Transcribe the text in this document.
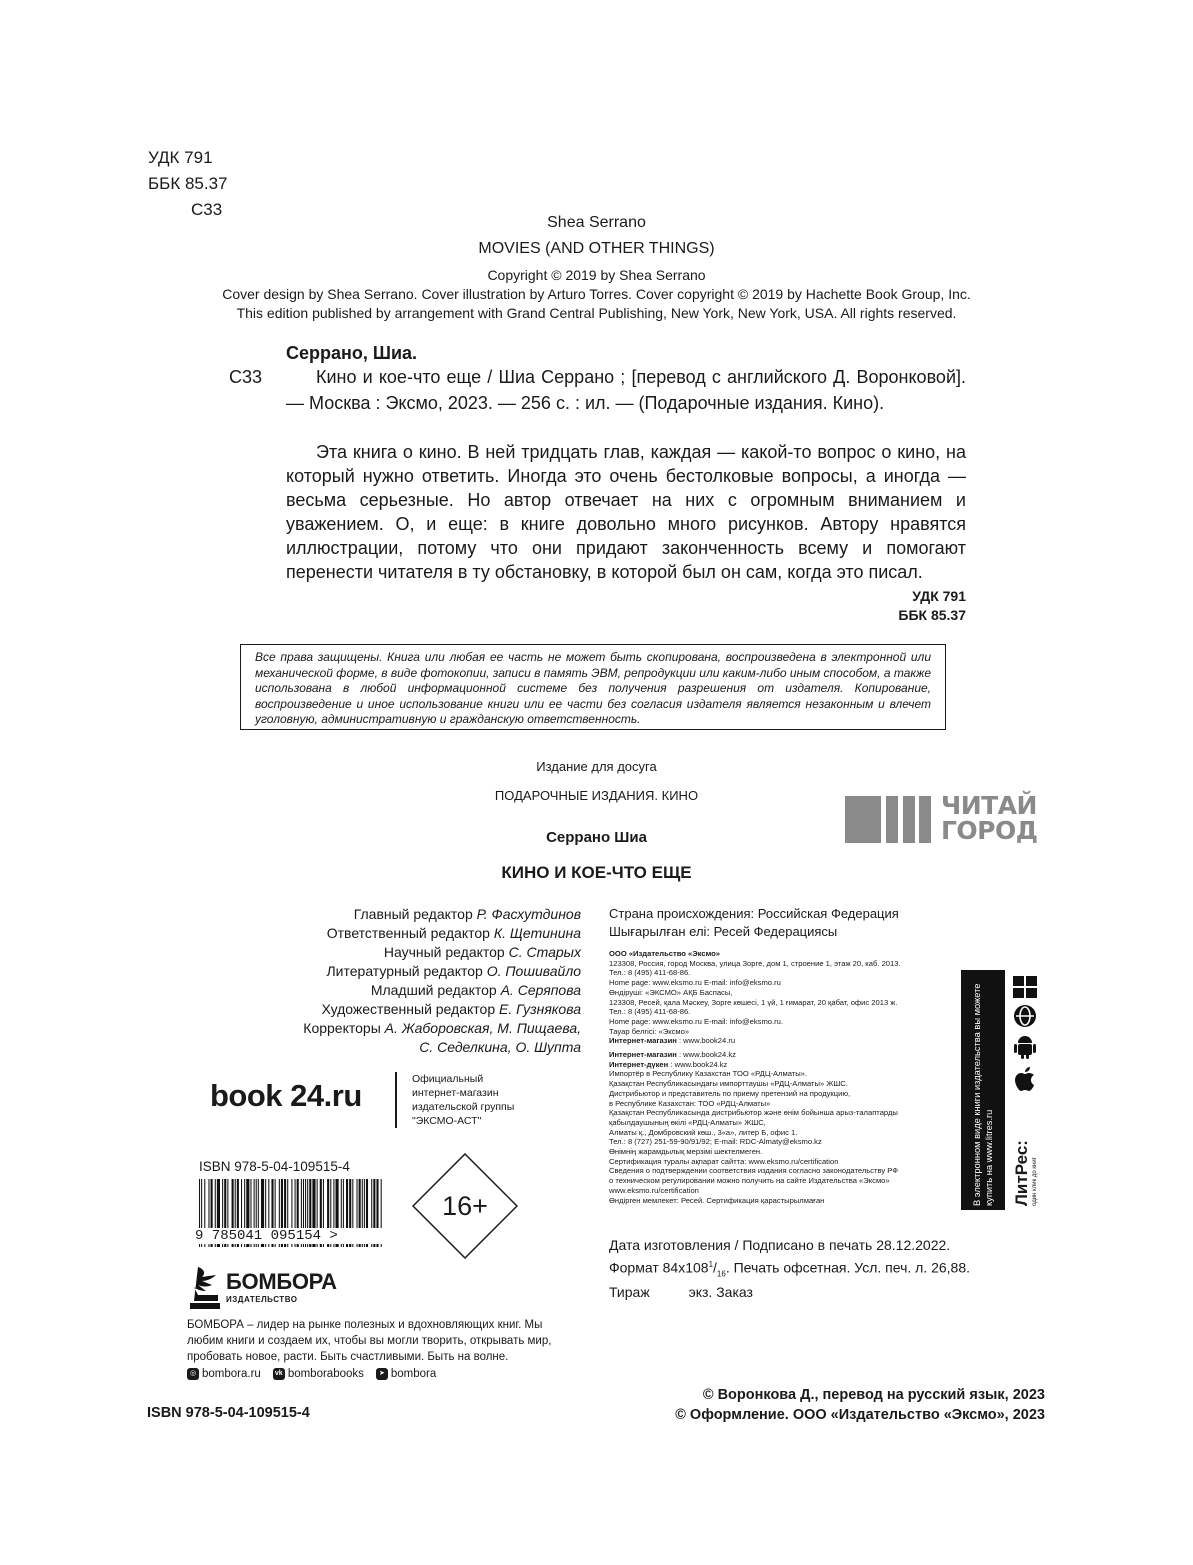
УДК 791
ББК 85.37
С33
Shea Serrano
MOVIES (AND OTHER THINGS)
Copyright © 2019 by Shea Serrano
Cover design by Shea Serrano. Cover illustration by Arturo Torres. Cover copyright © 2019 by Hachette Book Group, Inc.
This edition published by arrangement with Grand Central Publishing, New York, New York, USA. All rights reserved.
Серрано, Шиа.
С33	Кино и кое-что еще / Шиа Серрано ; [перевод с английского Д. Воронковой]. — Москва : Эксмо, 2023. — 256 с. : ил. — (Подарочные издания. Кино).

Эта книга о кино. В ней тридцать глав, каждая — какой-то вопрос о кино, на который нужно ответить. Иногда это очень бестолковые вопросы, а иногда — весьма серьезные. Но автор отвечает на них с огромным вниманием и уважением. О, и еще: в книге довольно много рисунков. Автору нравятся иллюстрации, потому что они придают законченность всему и помогают перенести читателя в ту обстановку, в которой был он сам, когда это писал.

УДК 791
ББК 85.37
Все права защищены. Книга или любая ее часть не может быть скопирована, воспроизведена в электронной или механической форме, в виде фотокопии, записи в память ЭВМ, репродукции или каким-либо иным способом, а также использована в любой информационной системе без получения разрешения от издателя. Копирование, воспроизведение и иное использование книги или ее части без согласия издателя является незаконным и влечет уголовную, административную и гражданскую ответственность.
Издание для досуга
ПОДАРОЧНЫЕ ИЗДАНИЯ. КИНО
Серрано Шиа
КИНО И КОЕ-ЧТО ЕЩЕ
ЧИТАЙ
ГОРОД
Главный редактор Р. Фасхутдинов
Ответственный редактор К. Щетинина
Научный редактор С. Старых
Литературный редактор О. Пошивайло
Младший редактор А. Серяпова
Художественный редактор Е. Гузнякова
Корректоры А. Жаборовская, М. Пищаева,
С. Седелкина, О. Шупта
Страна происхождения: Российская Федерация
Шығарылған елі: Ресей Федерациясы
ООО «Издательство «Эксмо»
123308, Россия, город Москва, улица Зорге, дом 1, строение 1, этаж 20, каб. 2013.
Тел.: 8 (495) 411-68-86.
Home page: www.eksmo.ru E-mail: info@eksmo.ru
Өндіруші: «ЭКСМО» АҚБ Баспасы,
123308, Ресей, қала Мәскеу, Зорге көшесі, 1 үй, 1 ғимарат, 20 қабат, офис 2013 ж.
Тел.: 8 (495) 411-68-86.
Home page: www.eksmo.ru E-mail: info@eksmo.ru.
Тауар белгісі: «Эксмо»
Интернет-магазин : www.book24.ru
Интернет-магазин : www.book24.kz
Интернет-дүкен : www.book24.kz
Импортёр в Республику Казахстан ТОО «РДЦ-Алматы».
Қазақстан Республикасындағы импорттаушы «РДЦ-Алматы» ЖШС.
Дистрибьютор и представитель по приему претензий на продукцию,
в Республике Казахстан: ТОО «РДЦ-Алматы»
Қазақстан Республикасында дистрибьютор және өнім бойынша арыз-талаптарды
қабылдаушының өкілі «РДЦ-Алматы» ЖШС,
Алматы қ., Домбровский көш., 3«а», литер Б, офис 1.
Тел.: 8 (727) 251-59-90/91/92; E-mail: RDC-Almaty@eksmo.kz
Өнімнің жарамдылық мерзімі шектелмеген.
Сертификация туралы ақпарат сайтта: www.eksmo.ru/certification
Сведения о подтверждении соответствия издания согласно законодательству РФ
о техническом регулировании можно получить на сайте Издательства «Эксмо»
www.eksmo.ru/certification
Өндірген мемлекет: Ресей. Сертификация қарастырылмаған	В электронном виде книги издательства вы можете купить на www.litres.ru ЛитРес: один клик до книг
book 24.ru	Официальный
интернет-магазин
издательской группы
"ЭКСМО-АСТ"
ISBN 978-5-04-109515-4
9 785041 095154 >
16+
Дата изготовления / Подписано в печать 28.12.2022.
Формат $84x108^1/_{16}$. Печать офсетная. Усл. печ. л. 26,88.
Тираж          экз. Заказ
БОМБОРА
ИЗДАТЕЛЬСТВО

БОМБОРА – лидер на рынке полезных и вдохновляющих книг. Мы любим книги и создаем их, чтобы вы могли творить, открывать мир, пробовать новое, расти. Быть счастливыми. Быть на волне.

◎ bombora.ru vk bomborabooks	➤ bombora
© Воронкова Д., перевод на русский язык, 2023
© Оформление. ООО «Издательство «Эксмо», 2023
ISBN 978-5-04-109515-4
